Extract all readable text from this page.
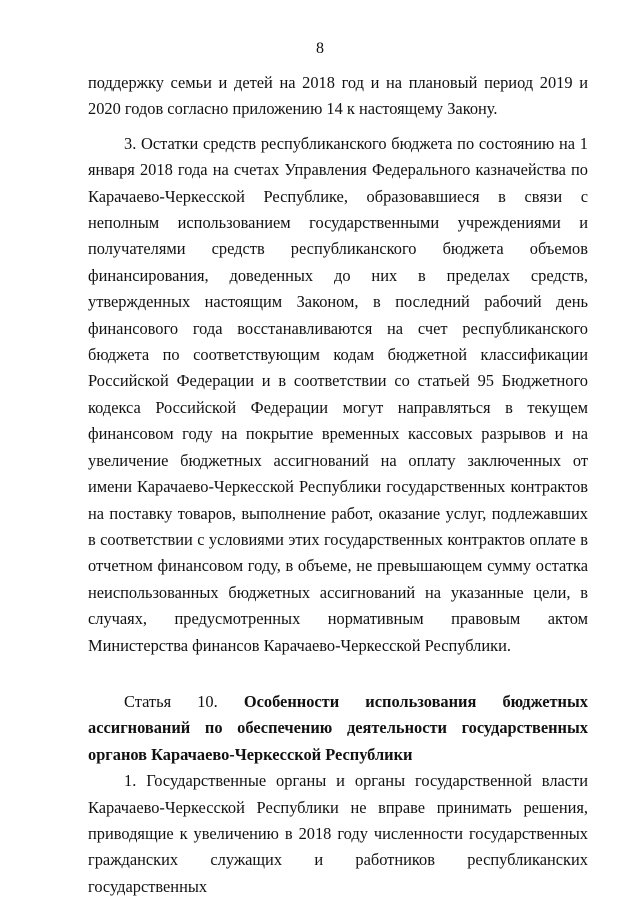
8

поддержку семьи и детей на 2018 год и на плановый период 2019 и 2020 годов согласно приложению 14 к настоящему Закону.

3. Остатки средств республиканского бюджета по состоянию на 1 января 2018 года на счетах Управления Федерального казначейства по Карачаево-Черкесской Республике, образовавшиеся в связи с неполным использованием государственными учреждениями и получателями средств республиканского бюджета объемов финансирования, доведенных до них в пределах средств, утвержденных настоящим Законом, в последний рабочий день финансового года восстанавливаются на счет республиканского бюджета по соответствующим кодам бюджетной классификации Российской Федерации и в соответствии со статьей 95 Бюджетного кодекса Российской Федерации могут направляться в текущем финансовом году на покрытие временных кассовых разрывов и на увеличение бюджетных ассигнований на оплату заключенных от имени Карачаево-Черкесской Республики государственных контрактов на поставку товаров, выполнение работ, оказание услуг, подлежавших в соответствии с условиями этих государственных контрактов оплате в отчетном финансовом году, в объеме, не превышающем сумму остатка неиспользованных бюджетных ассигнований на указанные цели, в случаях, предусмотренных нормативным правовым актом Министерства финансов Карачаево-Черкесской Республики.

Статья 10. Особенности использования бюджетных ассигнований по обеспечению деятельности государственных органов Карачаево-Черкесской Республики

1. Государственные органы и органы государственной власти Карачаево-Черкесской Республики не вправе принимать решения, приводящие к увеличению в 2018 году численности государственных гражданских служащих и работников республиканских государственных
